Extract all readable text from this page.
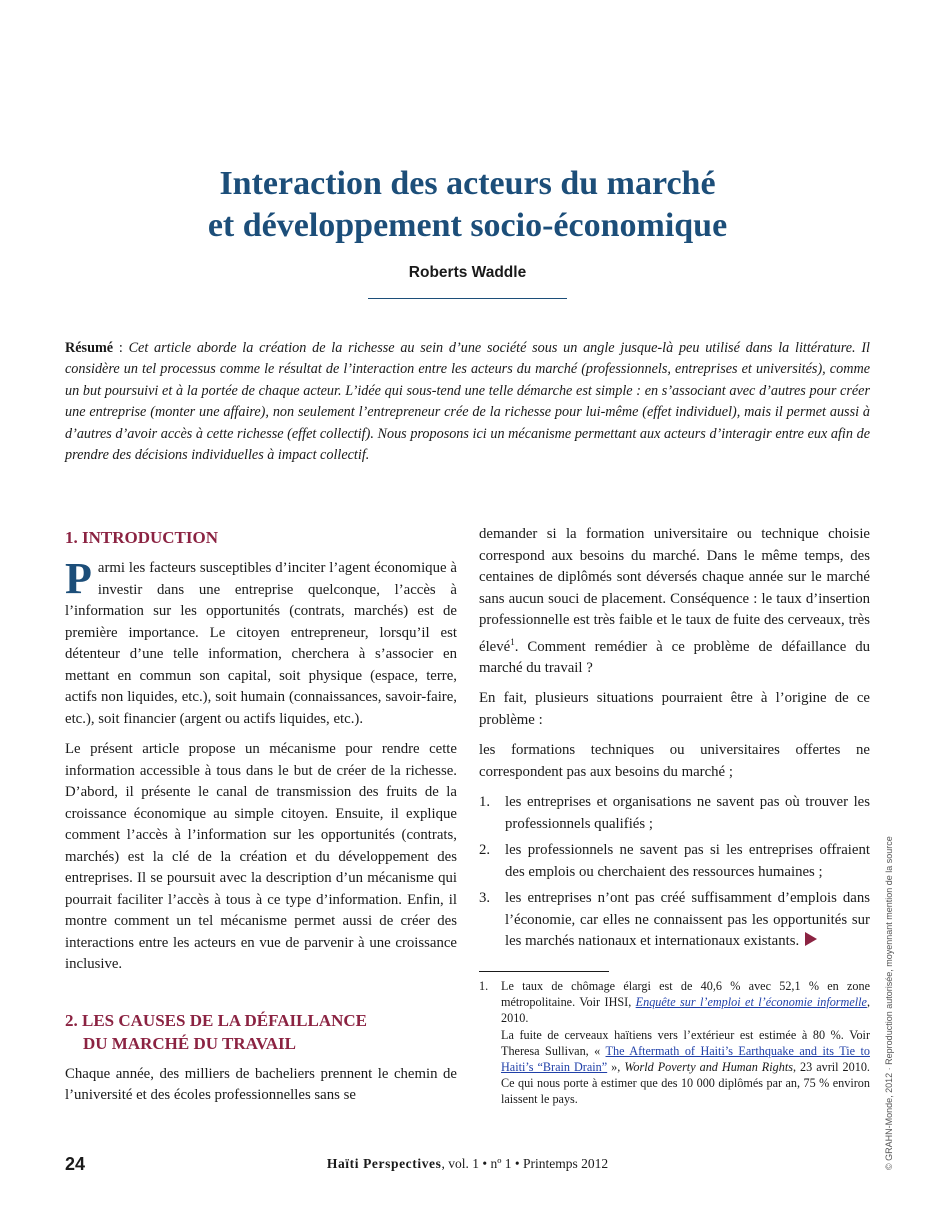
Interaction des acteurs du marché
et développement socio-économique
Roberts Waddle
Résumé : Cet article aborde la création de la richesse au sein d’une société sous un angle jusque-là peu utilisé dans la littérature. Il considère un tel processus comme le résultat de l’interaction entre les acteurs du marché (professionnels, entreprises et universités), comme un but poursuivi et à la portée de chaque acteur. L’idée qui sous-tend une telle démarche est simple : en s’associant avec d’autres pour créer une entreprise (monter une affaire), non seulement l’entrepreneur crée de la richesse pour lui-même (effet individuel), mais il permet aussi à d’autres d’avoir accès à cette richesse (effet collectif). Nous proposons ici un mécanisme permettant aux acteurs d’interagir entre eux afin de prendre des décisions individuelles à impact collectif.
1. INTRODUCTION

Parmi les facteurs susceptibles d’inciter l’agent économique à investir dans une entreprise quelconque, l’accès à l’information sur les opportunités (contrats, marchés) est de première importance. Le citoyen entrepreneur, lorsqu’il est détenteur d’une telle information, cherchera à s’associer en mettant en commun son capital, soit physique (espace, terre, actifs non liquides, etc.), soit humain (connaissances, savoir-faire, etc.), soit financier (argent ou actifs liquides, etc.).

Le présent article propose un mécanisme pour rendre cette information accessible à tous dans le but de créer de la richesse. D’abord, il présente le canal de transmission des fruits de la croissance économique au simple citoyen. Ensuite, il explique comment l’accès à l’information sur les opportunités (contrats, marchés) est la clé de la création et du développement des entreprises. Il se poursuit avec la description d’un mécanisme qui pourrait faciliter l’accès à tous à ce type d’information. Enfin, il montre comment un tel mécanisme permet aussi de créer des interactions entre les acteurs en vue de parvenir à une croissance inclusive.

2. LES CAUSES DE LA DÉFAILLANCE
DU MARCHÉ DU TRAVAIL

Chaque année, des milliers de bacheliers prennent le chemin de l’université et des écoles professionnelles sans se

demander si la formation universitaire ou technique choisie correspond aux besoins du marché. Dans le même temps, des centaines de diplômés sont déversés chaque année sur le marché sans aucun souci de placement. Conséquence : le taux d’insertion professionnelle est très faible et le taux de fuite des cerveaux, très élevé$^1$. Comment remédier à ce problème de défaillance du marché du travail ?

En fait, plusieurs situations pourraient être à l’origine de ce problème :

les formations techniques ou universitaires offertes ne correspondent pas aux besoins du marché ;

1. les entreprises et organisations ne savent pas où trouver les professionnels qualifiés ;
2. les professionnels ne savent pas si les entreprises offraient des emplois ou cherchaient des ressources humaines ;
3. les entreprises n’ont pas créé suffisamment d’emplois dans l’économie, car elles ne connaissent pas les opportunités sur les marchés nationaux et internationaux existants.
1. Le taux de chômage élargi est de 40,6 % avec 52,1 % en zone métropolitaine. Voir IHSI, Enquête sur l’emploi et l’économie informelle, 2010.

La fuite de cerveaux haïtiens vers l’extérieur est estimée à 80 %. Voir Theresa Sullivan, « The Aftermath of Haiti’s Earthquake and its Tie to Haiti’s “Brain Drain” », World Poverty and Human Rights, 23 avril 2010. Ce qui nous porte à estimer que des 10 000 diplômés par an, 75 % environ laissent le pays.

24	Haïti Perspectives, vol. 1 • nº 1 • Printemps 2012	© GRAHN-Monde, 2012 · Reproduction autorisée, moyennant mention de la source
